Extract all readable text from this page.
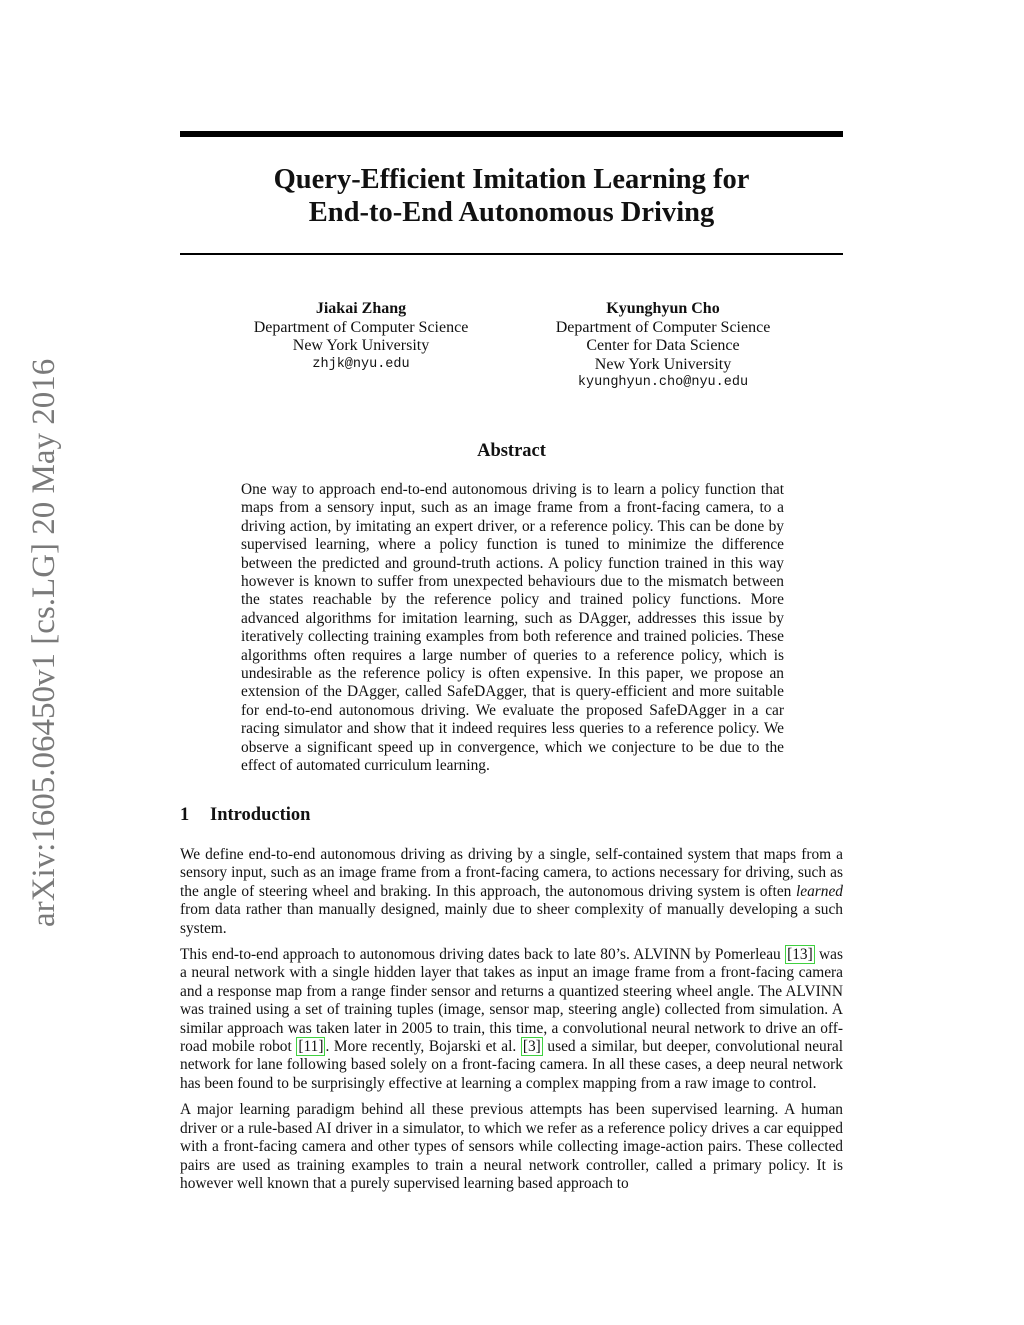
arXiv:1605.06450v1 [cs.LG] 20 May 2016
Query-Efficient Imitation Learning for
End-to-End Autonomous Driving
Jiakai Zhang
Department of Computer Science
New York University
zhjk@nyu.edu
Kyunghyun Cho
Department of Computer Science
Center for Data Science
New York University
kyunghyun.cho@nyu.edu
Abstract

One way to approach end-to-end autonomous driving is to learn a policy function that maps from a sensory input, such as an image frame from a front-facing camera, to a driving action, by imitating an expert driver, or a reference policy. This can be done by supervised learning, where a policy function is tuned to minimize the difference between the predicted and ground-truth actions. A policy function trained in this way however is known to suffer from unexpected behaviours due to the mismatch between the states reachable by the reference policy and trained policy functions. More advanced algorithms for imitation learning, such as DAgger, addresses this issue by iteratively collecting training examples from both reference and trained policies. These algorithms often requires a large number of queries to a reference policy, which is undesirable as the reference policy is often expensive. In this paper, we propose an extension of the DAgger, called SafeDAgger, that is query-efficient and more suitable for end-to-end autonomous driving. We evaluate the proposed SafeDAgger in a car racing simulator and show that it indeed requires less queries to a reference policy. We observe a significant speed up in convergence, which we conjecture to be due to the effect of automated curriculum learning.

1 Introduction

We define end-to-end autonomous driving as driving by a single, self-contained system that maps from a sensory input, such as an image frame from a front-facing camera, to actions necessary for driving, such as the angle of steering wheel and braking. In this approach, the autonomous driving system is often learned from data rather than manually designed, mainly due to sheer complexity of manually developing a such system.

This end-to-end approach to autonomous driving dates back to late 80’s. ALVINN by Pomerleau [13] was a neural network with a single hidden layer that takes as input an image frame from a front-facing camera and a response map from a range finder sensor and returns a quantized steering wheel angle. The ALVINN was trained using a set of training tuples (image, sensor map, steering angle) collected from simulation. A similar approach was taken later in 2005 to train, this time, a convolutional neural network to drive an off-road mobile robot [11] . More recently, Bojarski et al. [3] used a similar, but deeper, convolutional neural network for lane following based solely on a front-facing camera. In all these cases, a deep neural network has been found to be surprisingly effective at learning a complex mapping from a raw image to control.

A major learning paradigm behind all these previous attempts has been supervised learning. A human driver or a rule-based AI driver in a simulator, to which we refer as a reference policy drives a car equipped with a front-facing camera and other types of sensors while collecting image-action pairs. These collected pairs are used as training examples to train a neural network controller, called a primary policy. It is however well known that a purely supervised learning based approach to
